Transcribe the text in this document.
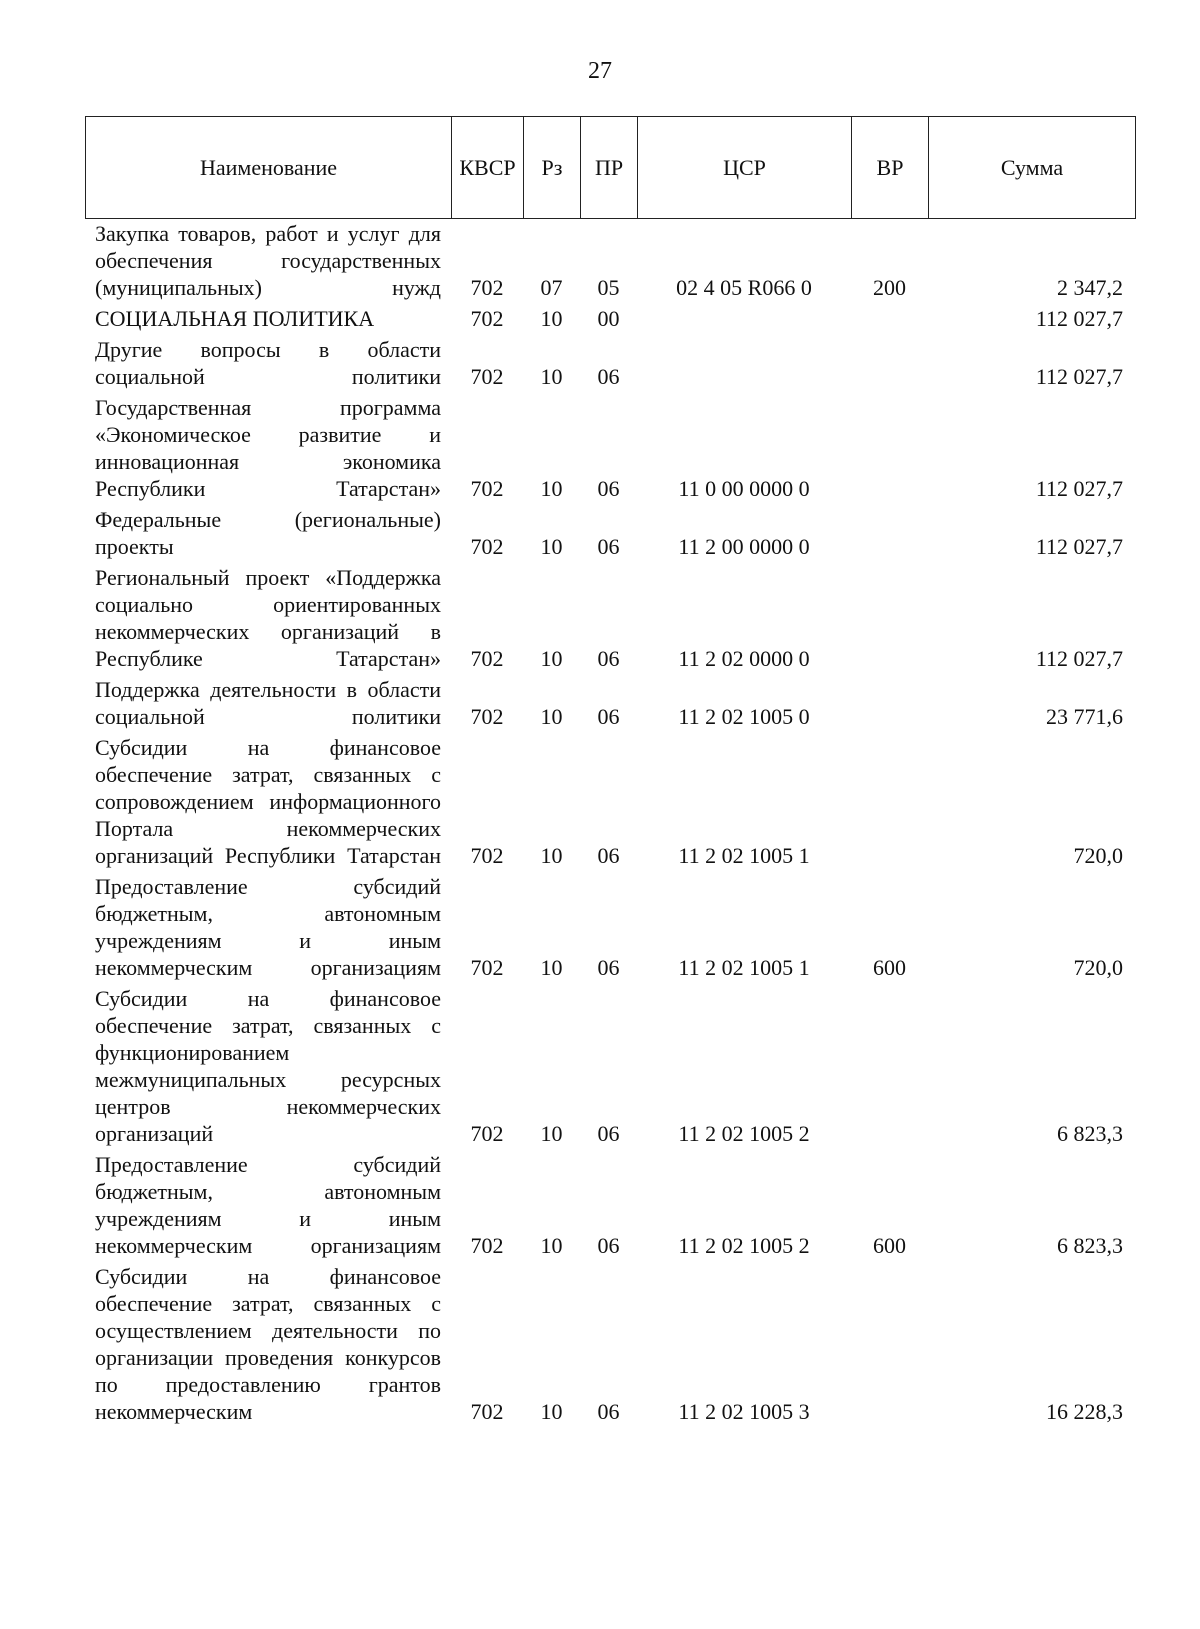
27
Наименование	КВСР	Рз	ПР	ЦСР	ВР	Сумма
Закупка товаров, работ и услуг для обеспечения государственных (муниципальных) нужд	702	07	05	02 4 05 R066 0	200	2 347,2
СОЦИАЛЬНАЯ ПОЛИТИКА	702	10	00			112 027,7
Другие вопросы в области социальной политики	702	10	06			112 027,7
Государственная программа «Экономическое развитие и инновационная экономика Республики Татарстан»	702	10	06	11 0 00 0000 0		112 027,7
Федеральные (региональные) проекты	702	10	06	11 2 00 0000 0		112 027,7
Региональный проект «Поддержка социально ориентированных некоммерческих организаций в Республике Татарстан»	702	10	06	11 2 02 0000 0		112 027,7
Поддержка деятельности в области социальной политики	702	10	06	11 2 02 1005 0		23 771,6
Субсидии на финансовое обеспечение затрат, связанных с сопровождением информационного Портала некоммерческих организаций Республики Татарстан	702	10	06	11 2 02 1005 1		720,0
Предоставление субсидий бюджетным, автономным учреждениям и иным некоммерческим организациям	702	10	06	11 2 02 1005 1	600	720,0
Субсидии на финансовое обеспечение затрат, связанных с функционированием межмуниципальных ресурсных центров некоммерческих организаций	702	10	06	11 2 02 1005 2		6 823,3
Предоставление субсидий бюджетным, автономным учреждениям и иным некоммерческим организациям	702	10	06	11 2 02 1005 2	600	6 823,3
Субсидии на финансовое обеспечение затрат, связанных с осуществлением деятельности по организации проведения конкурсов по предоставлению грантов некоммерческим	702	10	06	11 2 02 1005 3		16 228,3
